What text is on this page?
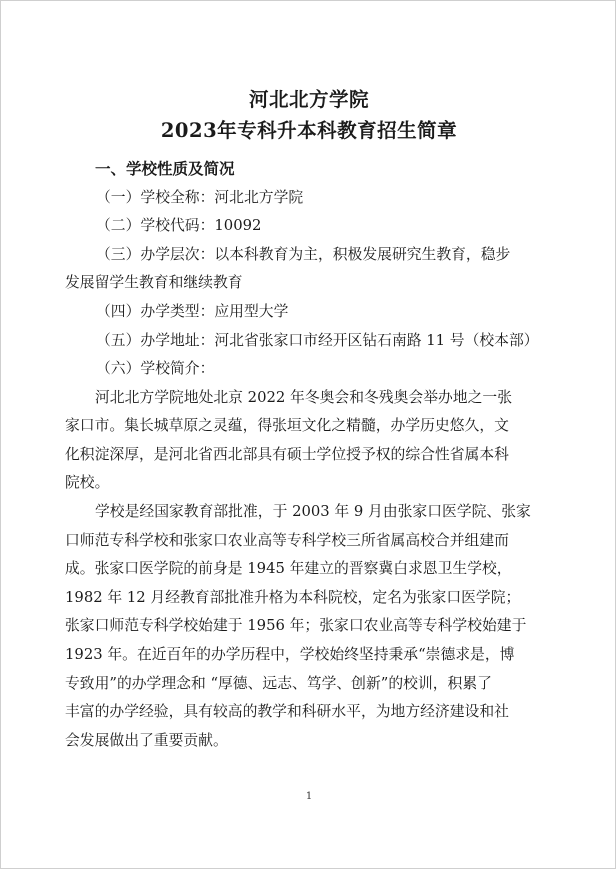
河北北方学院
2023年专科升本科教育招生简章
一、学校性质及简况
（一）学校全称：河北北方学院
（二）学校代码：10092
（三）办学层次：以本科教育为主，积极发展研究生教育，稳步
发展留学生教育和继续教育
（四）办学类型：应用型大学
（五）办学地址：河北省张家口市经开区钻石南路 11 号（校本部）
（六）学校简介：
河北北方学院地处北京 2022 年冬奥会和冬残奥会举办地之一张
家口市。集长城草原之灵蕴，得张垣文化之精髓，办学历史悠久，文
化积淀深厚，是河北省西北部具有硕士学位授予权的综合性省属本科
院校。
学校是经国家教育部批准，于 2003 年 9 月由张家口医学院、张家
口师范专科学校和张家口农业高等专科学校三所省属高校合并组建而
成。张家口医学院的前身是 1945 年建立的晋察冀白求恩卫生学校，
1982 年 12 月经教育部批准升格为本科院校，定名为张家口医学院；
张家口师范专科学校始建于 1956 年；张家口农业高等专科学校始建于
1923 年。在近百年的办学历程中，学校始终坚持秉承“崇德求是，博
专致用”的办学理念和 “厚德、远志、笃学、创新”的校训，积累了
丰富的办学经验，具有较高的教学和科研水平，为地方经济建设和社
会发展做出了重要贡献。
1
